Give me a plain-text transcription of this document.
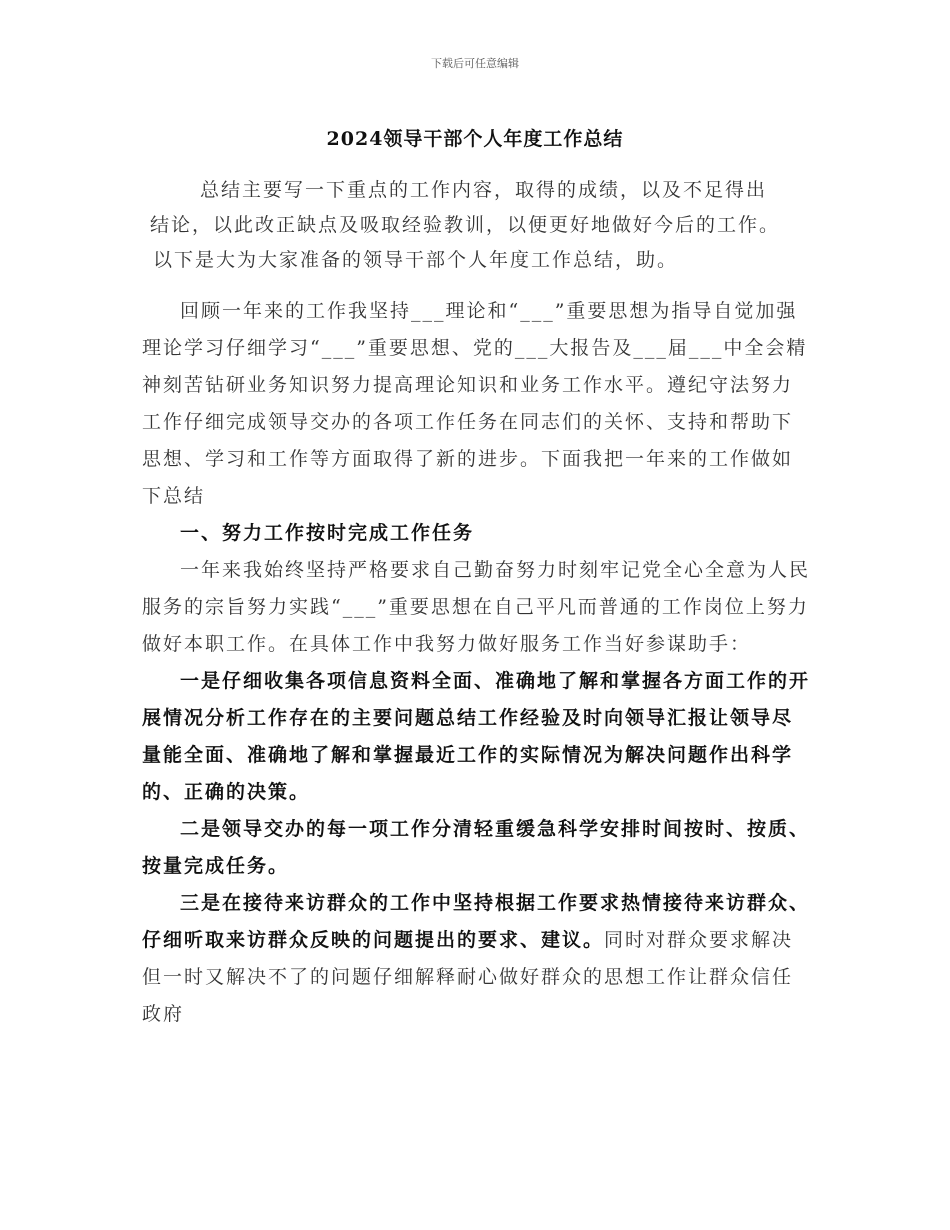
下载后可任意编辑
2024领导干部个人年度工作总结

总结主要写一下重点的工作内容，取得的成绩，以及不足得出

结论，以此改正缺点及吸取经验教训，以便更好地做好今后的工作。

以下是大为大家准备的领导干部个人年度工作总结，助。

回顾一年来的工作我坚持___理论和“___”重要思想为指导自觉加强理论学习仔细学习“___”重要思想、党的___大报告及___届___中全会精神刻苦钻研业务知识努力提高理论知识和业务工作水平。遵纪守法努力工作仔细完成领导交办的各项工作任务在同志们的关怀、支持和帮助下思想、学习和工作等方面取得了新的进步。下面我把一年来的工作做如下总结

一、努力工作按时完成工作任务

一年来我始终坚持严格要求自己勤奋努力时刻牢记党全心全意为人民服务的宗旨努力实践“___”重要思想在自己平凡而普通的工作岗位上努力做好本职工作。在具体工作中我努力做好服务工作当好参谋助手：

一是仔细收集各项信息资料全面、准确地了解和掌握各方面工作的开展情况分析工作存在的主要问题总结工作经验及时向领导汇报让领导尽量能全面、准确地了解和掌握最近工作的实际情况为解决问题作出科学的、正确的决策。

二是领导交办的每一项工作分清轻重缓急科学安排时间按时、按质、按量完成任务。

三是在接待来访群众的工作中坚持根据工作要求热情接待来访群众、仔细听取来访群众反映的问题提出的要求、建议。同时对群众要求解决但一时又解决不了的问题仔细解释耐心做好群众的思想工作让群众信任政府
